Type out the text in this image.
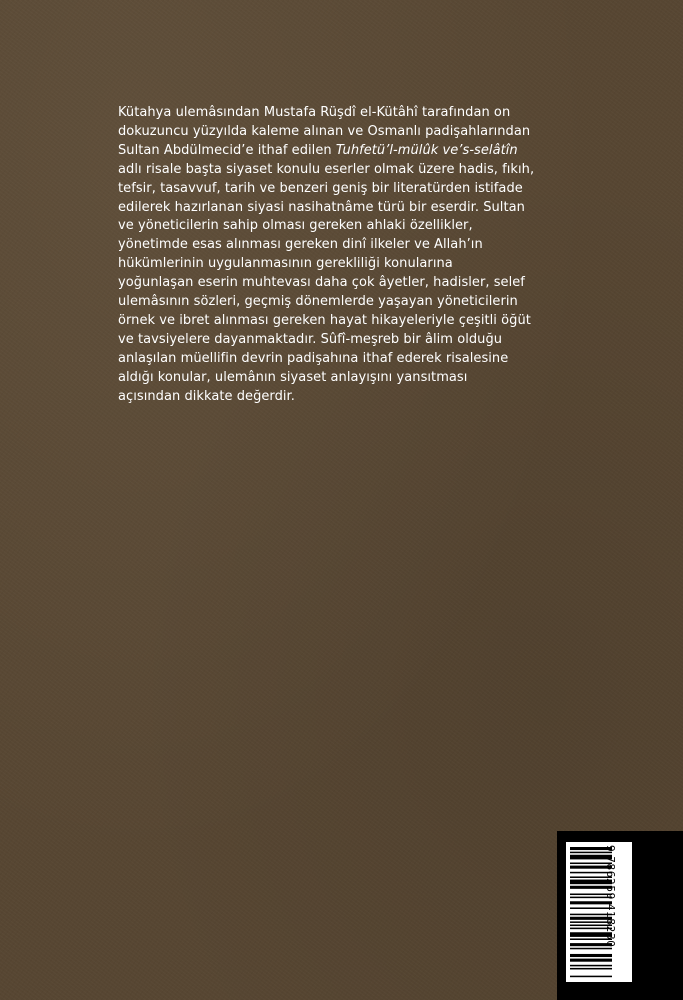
Kütahya ulemâsından Mustafa Rüşdî el-Kütâhî tarafından on
dokuzuncu yüzyılda kaleme alınan ve Osmanlı padişahlarından
Sultan Abdülmecid’e ithaf edilen Tuhfetü’l-mülûk ve’s-selâtîn
adlı risale başta siyaset konulu eserler olmak üzere hadis, fıkıh,
tefsir, tasavvuf, tarih ve benzeri geniş bir literatürden istifade
edilerek hazırlanan siyasi nasihatnâme türü bir eserdir. Sultan
ve yöneticilerin sahip olması gereken ahlaki özellikler,
yönetimde esas alınması gereken dinî ilkeler ve Allah’ın
hükümlerinin uygulanmasının gerekliliği konularına
yoğunlaşan eserin muhtevası daha çok âyetler, hadisler, selef
ulemâsının sözleri, geçmiş dönemlerde yaşayan yöneticilerin
örnek ve ibret alınması gereken hayat hikayeleriyle çeşitli öğüt
ve tavsiyelere dayanmaktadır. Sûfî-meşreb bir âlim olduğu
anlaşılan müellifin devrin padişahına ithaf ederek risalesine
aldığı konular, ulemânın siyaset anlayışını yansıtması
açısından dikkate değerdir.
9 786259 418230
